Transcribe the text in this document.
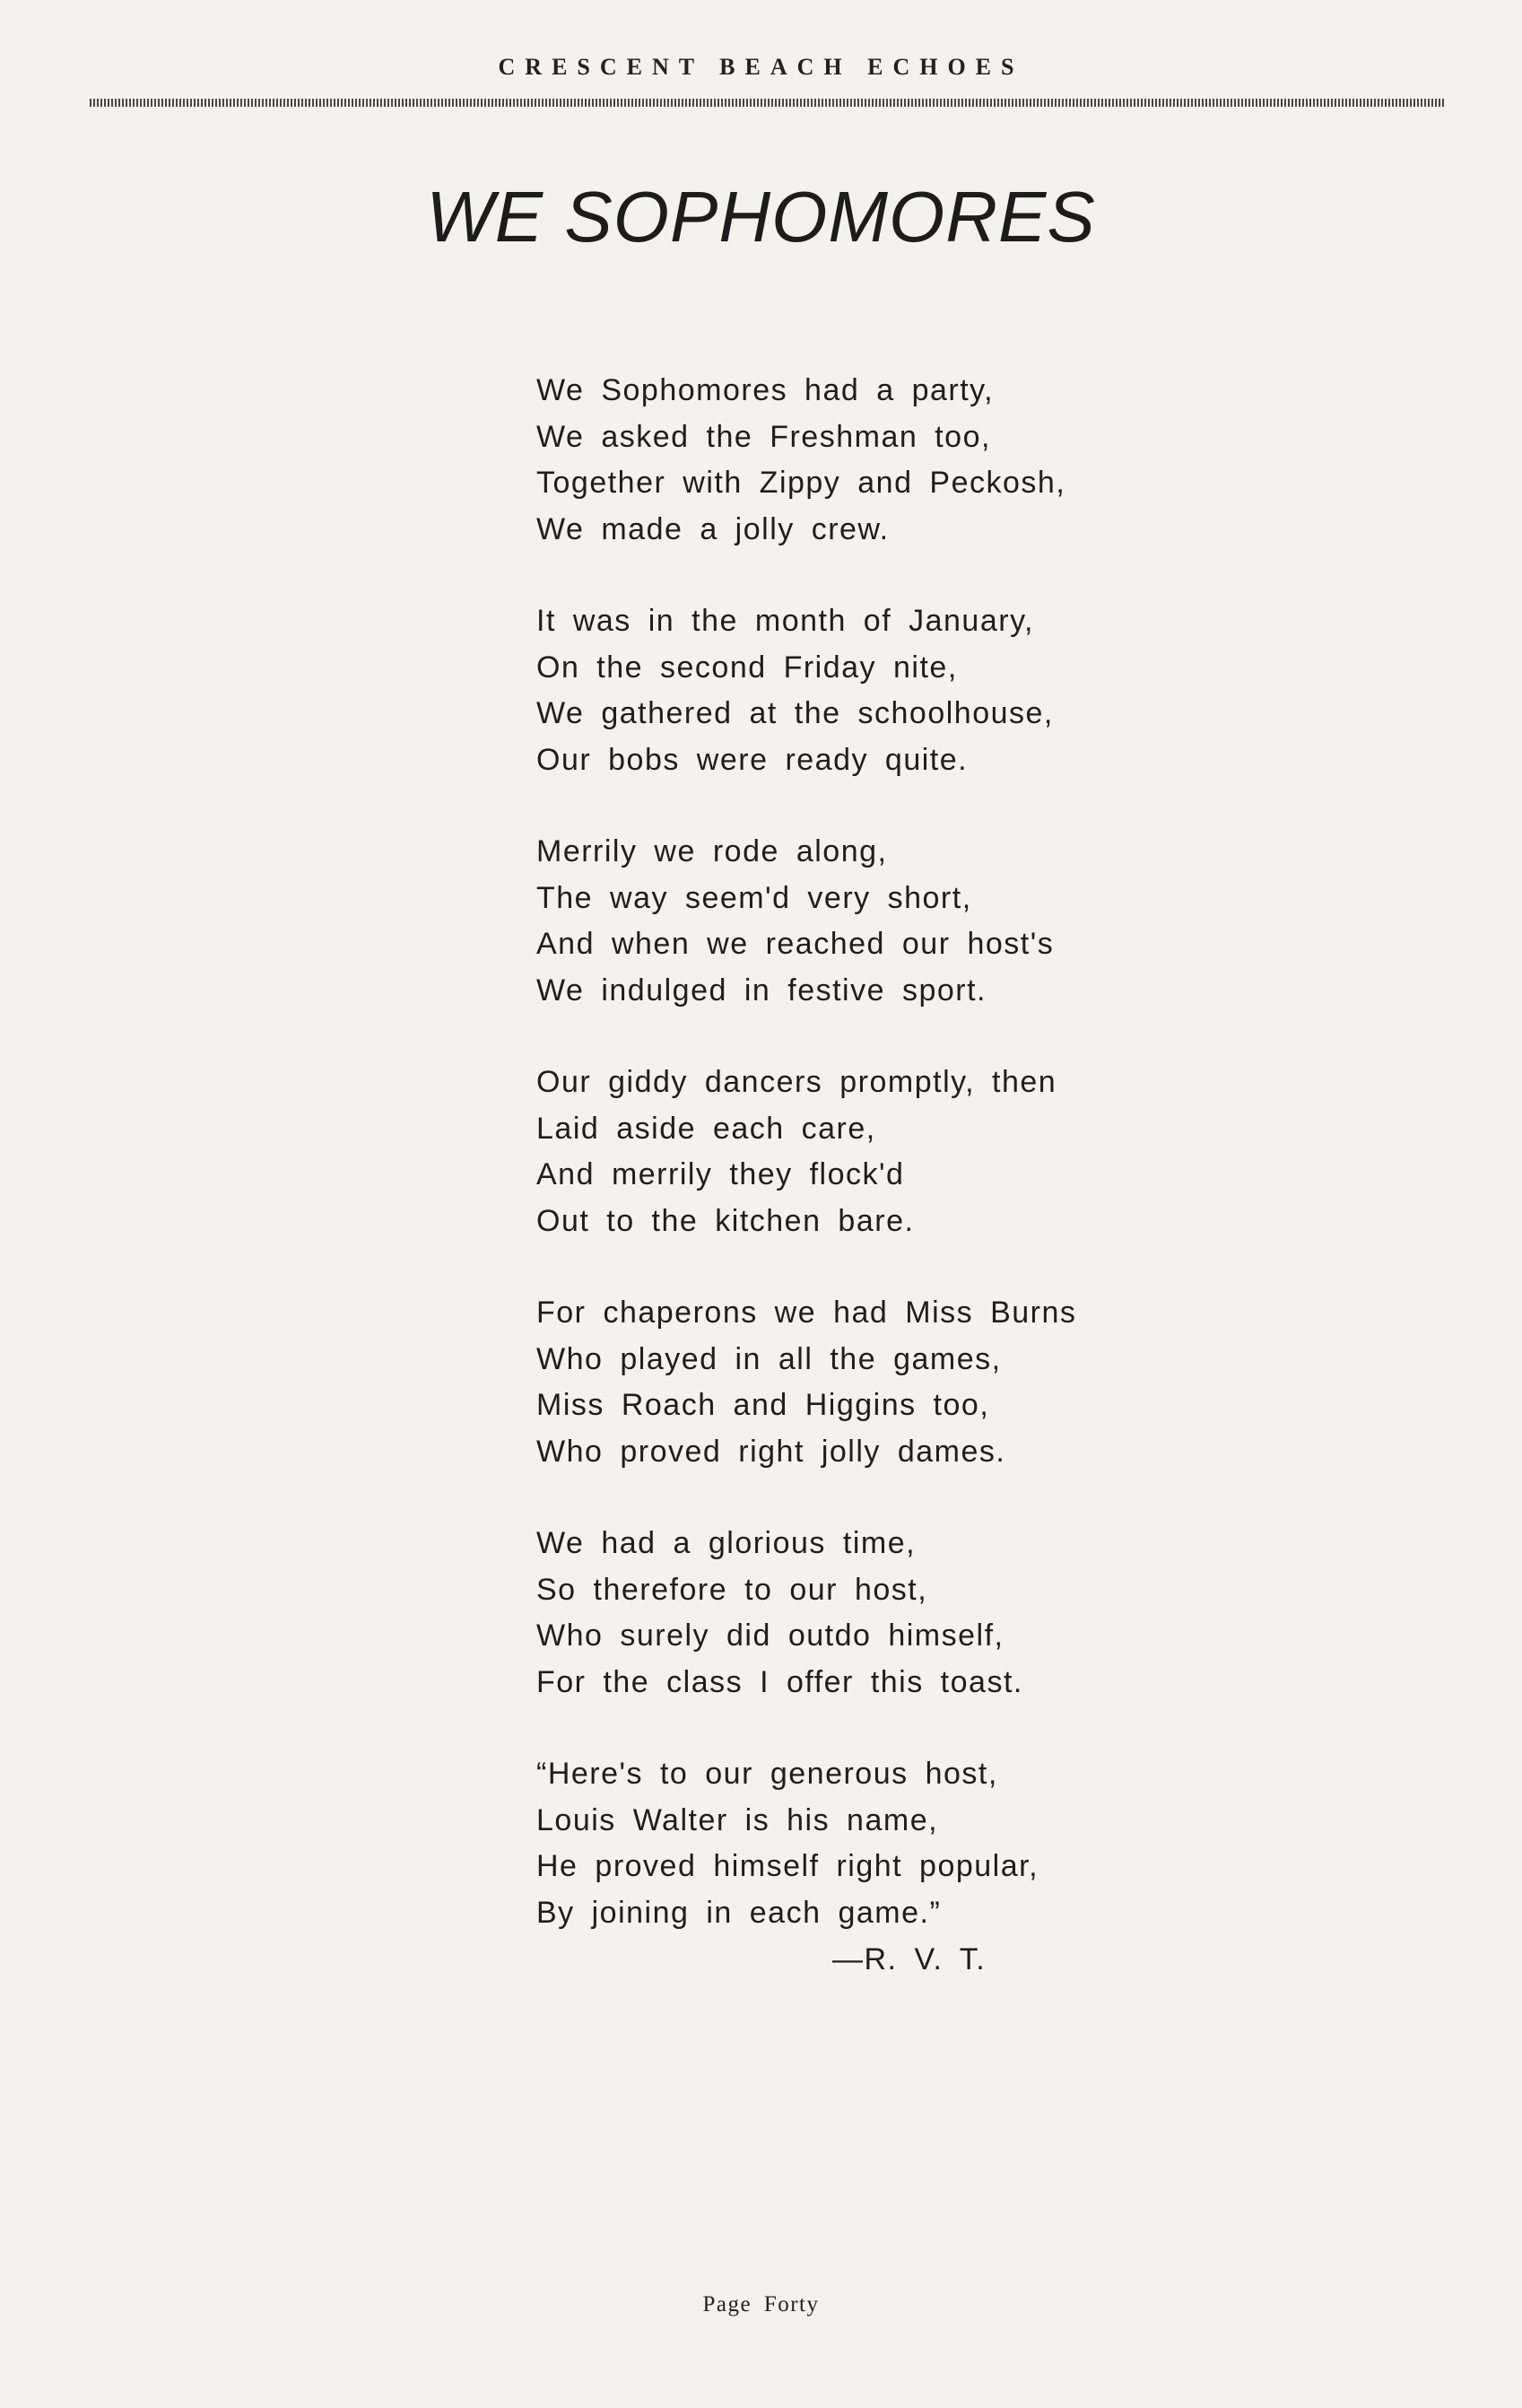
CRESCENT BEACH ECHOES
WE SOPHOMORES
We Sophomores had a party,
We asked the Freshman too,
Together with Zippy and Peckosh,
We made a jolly crew.
It was in the month of January,
On the second Friday nite,
We gathered at the schoolhouse,
Our bobs were ready quite.
Merrily we rode along,
The way seem'd very short,
And when we reached our host's
We indulged in festive sport.
Our giddy dancers promptly, then
Laid aside each care,
And merrily they flock'd
Out to the kitchen bare.
For chaperons we had Miss Burns
Who played in all the games,
Miss Roach and Higgins too,
Who proved right jolly dames.
We had a glorious time,
So therefore to our host,
Who surely did outdo himself,
For the class I offer this toast.
“Here's to our generous host,
Louis Walter is his name,
He proved himself right popular,
By joining in each game.”
—R. V. T.
Page Forty
